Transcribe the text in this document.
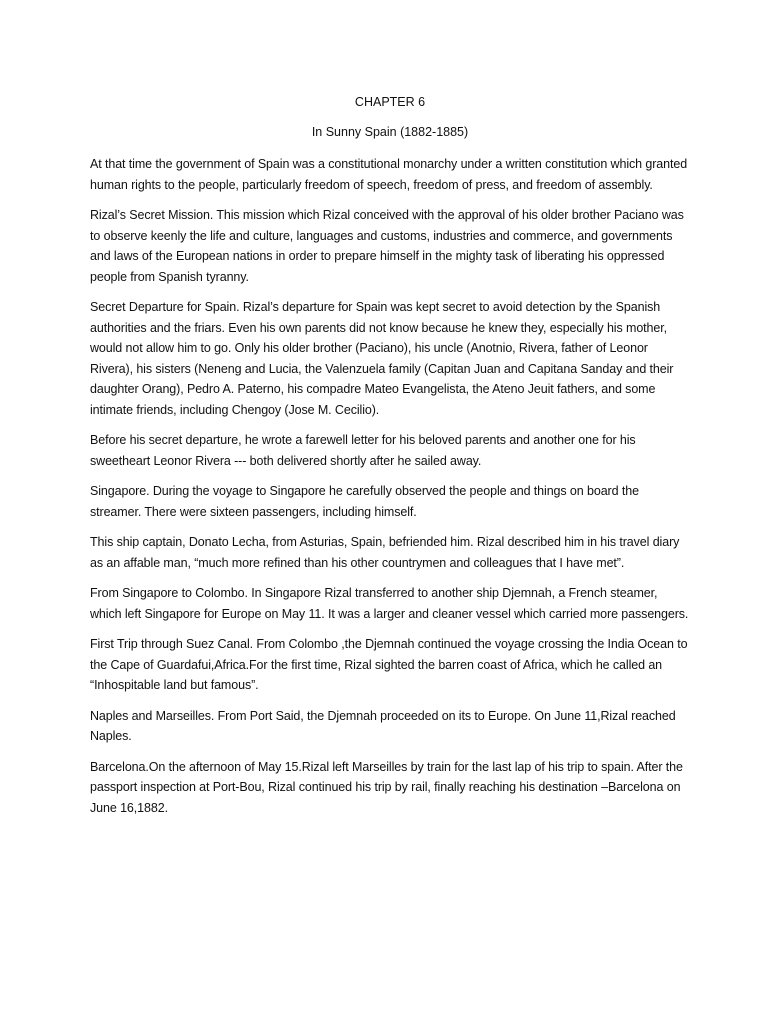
CHAPTER 6
In Sunny Spain (1882-1885)

At that time the government of Spain was a constitutional monarchy under a written constitution which granted human rights to the people, particularly freedom of speech, freedom of press, and freedom of assembly.

Rizal’s Secret Mission. This mission which Rizal conceived with the approval of his older brother Paciano was to observe keenly the life and culture, languages and customs, industries and commerce, and governments and laws of the European nations in order to prepare himself in the mighty task of liberating his oppressed people from Spanish tyranny.

Secret Departure for Spain. Rizal’s departure for Spain was kept secret to avoid detection by the Spanish authorities and the friars. Even his own parents did not know because he knew they, especially his mother, would not allow him to go. Only his older brother (Paciano), his uncle (Anotnio, Rivera, father of Leonor Rivera), his sisters (Neneng and Lucia, the Valenzuela family (Capitan Juan and Capitana Sanday and their daughter Orang), Pedro A. Paterno, his compadre Mateo Evangelista, the Ateno Jeuit fathers, and some intimate friends, including Chengoy (Jose M. Cecilio).

Before his secret departure, he wrote a farewell letter for his beloved parents and another one for his sweetheart Leonor Rivera --- both delivered shortly after he sailed away.

Singapore. During the voyage to Singapore he carefully observed the people and things on board the streamer. There were sixteen passengers, including himself.

This ship captain, Donato Lecha, from Asturias, Spain, befriended him. Rizal described him in his travel diary as an affable man, “much more refined than his other countrymen and colleagues that I have met”.

From Singapore to Colombo. In Singapore Rizal transferred to another ship Djemnah, a French steamer, which left Singapore for Europe on May 11. It was a larger and cleaner vessel which carried more passengers.

First Trip through Suez Canal. From Colombo ,the Djemnah continued the voyage crossing the India Ocean to the Cape of Guardafui,Africa.For the first time, Rizal sighted the barren coast of Africa, which he called an “Inhospitable land but famous”.

Naples and Marseilles. From Port Said, the Djemnah proceeded on its to Europe. On June 11,Rizal reached Naples.

Barcelona.On the afternoon of May 15.Rizal left Marseilles by train for the last lap of his trip to spain. After the passport inspection at Port-Bou, Rizal continued his trip by rail, finally reaching his destination –Barcelona on June 16,1882.
